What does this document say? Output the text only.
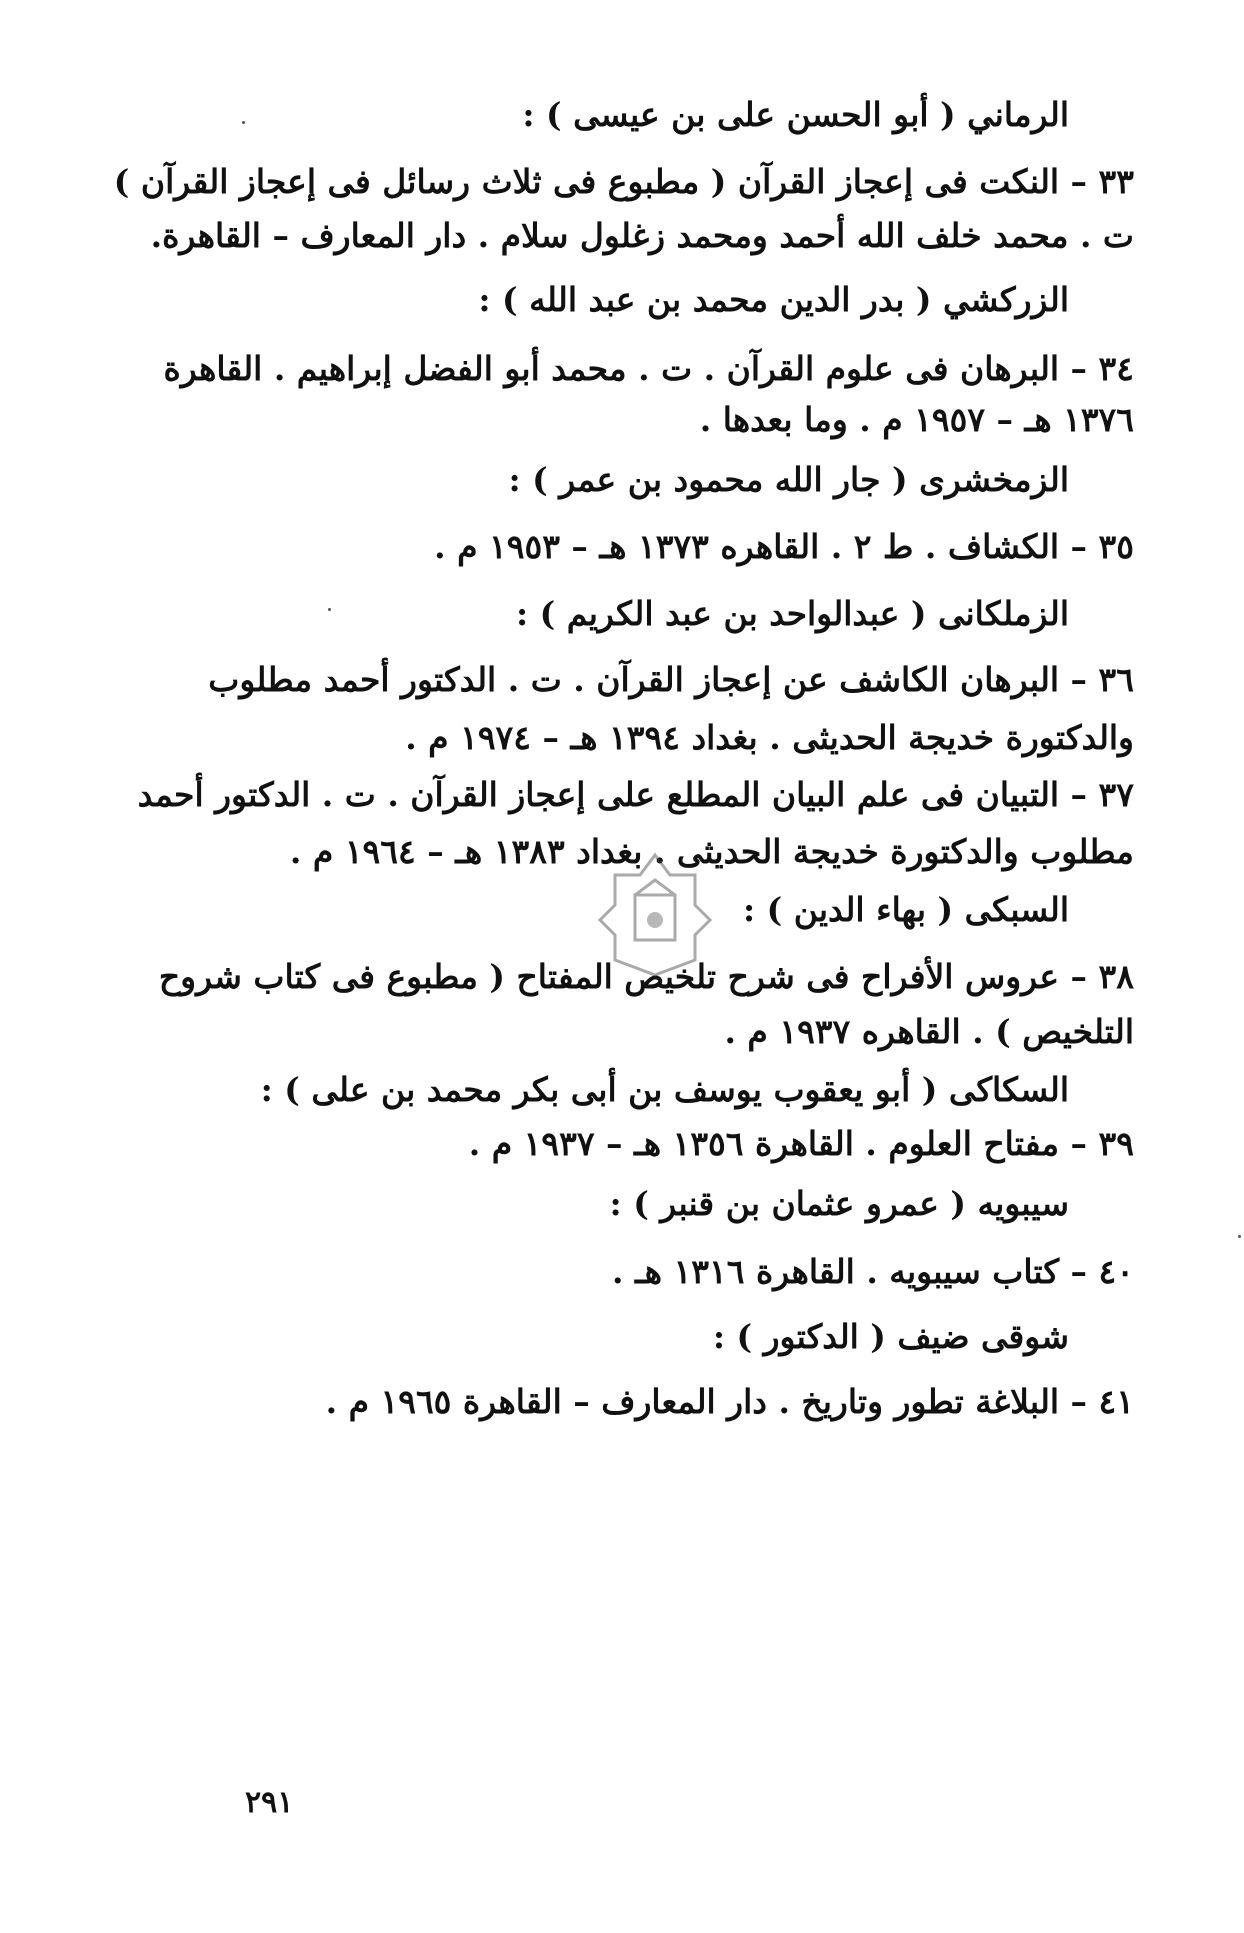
الرماني ( أبو الحسن على بن عيسى ) :
٣٣ – النكت فى إعجاز القرآن ( مطبوع فى ثلاث رسائل فى إعجاز القرآن )
ت . محمد خلف الله أحمد ومحمد زغلول سلام . دار المعارف – القاهرة.
الزركشي ( بدر الدين محمد بن عبد الله ) :
٣٤ – البرهان فى علوم القرآن . ت . محمد أبو الفضل إبراهيم . القاهرة
١٣٧٦ هـ – ١٩٥٧ م . وما بعدها .
الزمخشرى ( جار الله محمود بن عمر ) :
٣٥ – الكشاف . ط ٢ . القاهره ١٣٧٣ هـ – ١٩٥٣ م .
الزملكانى ( عبدالواحد بن عبد الكريم ) :
٣٦ – البرهان الكاشف عن إعجاز القرآن . ت . الدكتور أحمد مطلوب
والدكتورة خديجة الحديثى . بغداد ١٣٩٤ هـ – ١٩٧٤ م .
٣٧ – التبيان فى علم البيان المطلع على إعجاز القرآن . ت . الدكتور أحمد
مطلوب والدكتورة خديجة الحديثى . بغداد ١٣٨٣ هـ – ١٩٦٤ م .
السبكى ( بهاء الدين ) :
٣٨ – عروس الأفراح فى شرح تلخيص المفتاح ( مطبوع فى كتاب شروح
التلخيص ) . القاهره ١٩٣٧ م .
السكاكى ( أبو يعقوب يوسف بن أبى بكر محمد بن على ) :
٣٩ – مفتاح العلوم . القاهرة ١٣٥٦ هـ – ١٩٣٧ م .
سيبويه ( عمرو عثمان بن قنبر ) :
٤٠ – كتاب سيبويه . القاهرة ١٣١٦ هـ .
شوقى ضيف ( الدكتور ) :
٤١ – البلاغة تطور وتاريخ . دار المعارف – القاهرة ١٩٦٥ م .
٢٩١
